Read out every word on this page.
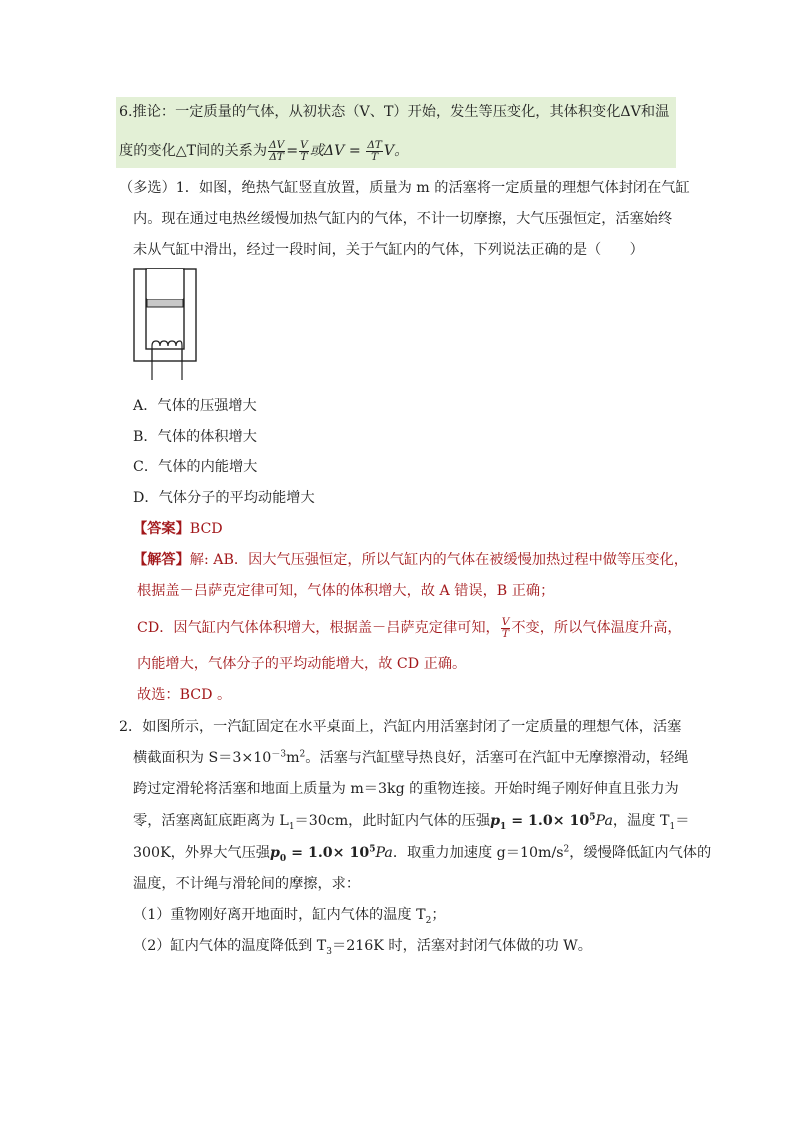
6.推论：一定质量的气体，从初状态（V、T）开始，发生等压变化，其体积变化ΔV和温
度的变化△T间的关系为 $\frac{\Delta V}{\Delta T} = \frac{V}{T}$ 或$\Delta V = \frac{\Delta T}{T}$ V。
（多选）1．如图，绝热气缸竖直放置，质量为 m 的活塞将一定质量的理想气体封闭在气缸
内。现在通过电热丝缓慢加热气缸内的气体，不计一切摩擦，大气压强恒定，活塞始终
未从气缸中滑出，经过一段时间，关于气缸内的气体，下列说法正确的是（　　）
A．气体的压强增大
B．气体的体积增大
C．气体的内能增大
D．气体分子的平均动能增大
【答案】BCD
【解答】解: AB．因大气压强恒定，所以气缸内的气体在被缓慢加热过程中做等压变化，
根据盖－吕萨克定律可知，气体的体积增大，故 A 错误，B 正确；
CD．因气缸内气体体积增大，根据盖－吕萨克定律可知， $\frac{V}{T}$ 不变，所以气体温度升高，
内能增大，气体分子的平均动能增大，故 CD 正确。
故选：BCD 。
2．如图所示，一汽缸固定在水平桌面上，汽缸内用活塞封闭了一定质量的理想气体，活塞
横截面积为 $S=3\times 10^{-3}m^2$。活塞与汽缸壁导热良好，活塞可在汽缸中无摩擦滑动，轻绳
跨过定滑轮将活塞和地面上质量为 m＝3kg 的重物连接。开始时绳子刚好伸直且张力为
零，活塞离缸底距离为 $L_1=30cm$，此时缸内气体的压强$p_1 = 1.0\times 10^5Pa$，温度 $T_1=$
300K，外界大气压强$p_0 = 1.0\times 10^5Pa$．取重力加速度 $g=10m/s^2$，缓慢降低缸内气体的
温度，不计绳与滑轮间的摩擦，求：
（1）重物刚好离开地面时，缸内气体的温度 $T_2$；
（2）缸内气体的温度降低到 $T_3=216K$ 时，活塞对封闭气体做的功 W。
